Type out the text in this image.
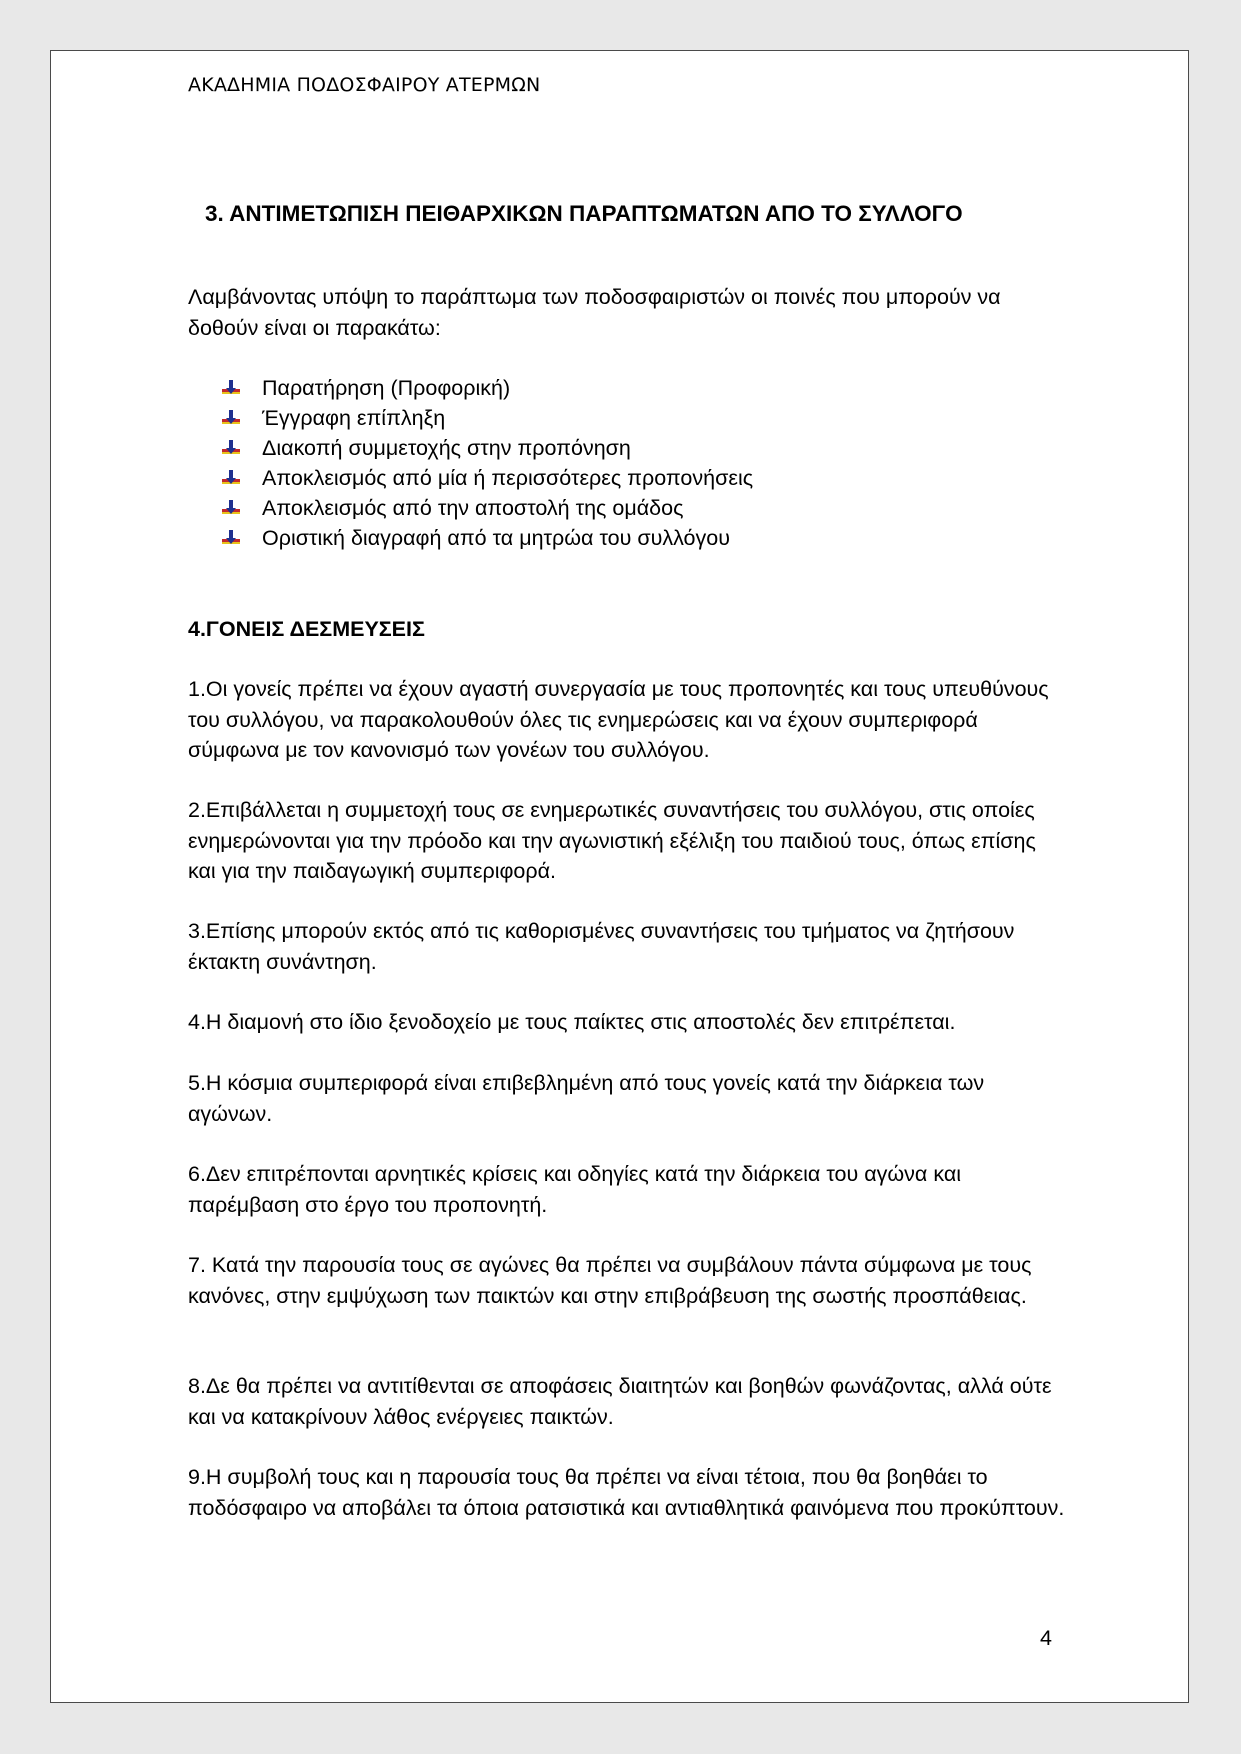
ΑΚΑΔΗΜΙΑ ΠΟΔΟΣΦΑΙΡΟΥ ΑΤΕΡΜΩΝ
3. ΑΝΤΙΜΕΤΩΠΙΣΗ ΠΕΙΘΑΡΧΙΚΩΝ ΠΑΡΑΠΤΩΜΑΤΩΝ ΑΠΟ ΤΟ ΣΥΛΛΟΓΟ

Λαμβάνοντας υπόψη το παράπτωμα των ποδοσφαιριστών οι ποινές που μπορούν να δοθούν είναι οι παρακάτω:

Παρατήρηση (Προφορική)
Έγγραφη επίπληξη
Διακοπή συμμετοχής στην προπόνηση
Αποκλεισμός από μία ή περισσότερες προπονήσεις
Αποκλεισμός από την αποστολή της ομάδος
Οριστική διαγραφή από τα μητρώα του συλλόγου
4.ΓΟΝΕΙΣ ΔΕΣΜΕΥΣΕΙΣ

1.Οι γονείς πρέπει να έχουν αγαστή συνεργασία με τους προπονητές και τους υπευθύνους του συλλόγου, να παρακολουθούν όλες τις ενημερώσεις και να έχουν συμπεριφορά σύμφωνα με τον κανονισμό των γονέων του συλλόγου.

2.Επιβάλλεται η συμμετοχή τους σε ενημερωτικές συναντήσεις του συλλόγου, στις οποίες ενημερώνονται για την πρόοδο και την αγωνιστική εξέλιξη του παιδιού τους, όπως επίσης και για την παιδαγωγική συμπεριφορά.

3.Επίσης μπορούν εκτός από τις καθορισμένες συναντήσεις του τμήματος να ζητήσουν έκτακτη συνάντηση.

4.Η διαμονή στο ίδιο ξενοδοχείο με τους παίκτες στις αποστολές δεν επιτρέπεται.

5.Η κόσμια συμπεριφορά είναι επιβεβλημένη από τους γονείς κατά την διάρκεια των αγώνων.

6.Δεν επιτρέπονται αρνητικές κρίσεις και οδηγίες κατά την διάρκεια του αγώνα και παρέμβαση στο έργο του προπονητή.

7. Κατά την παρουσία τους σε αγώνες θα πρέπει να συμβάλουν πάντα σύμφωνα με τους κανόνες, στην εμψύχωση των παικτών και στην επιβράβευση της σωστής προσπάθειας.

8.Δε θα πρέπει να αντιτίθενται σε αποφάσεις διαιτητών και βοηθών φωνάζοντας, αλλά ούτε και να κατακρίνουν λάθος ενέργειες παικτών.

9.Η συμβολή τους και η παρουσία τους θα πρέπει να είναι τέτοια, που θα βοηθάει το ποδόσφαιρο να αποβάλει τα όποια ρατσιστικά και αντιαθλητικά φαινόμενα που προκύπτουν.

4
